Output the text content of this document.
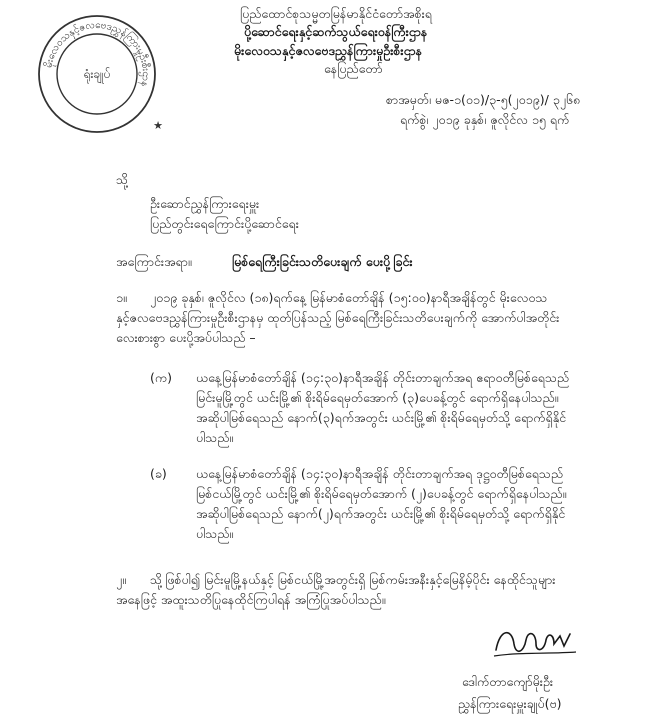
မိုးလေဝသနှင့်ဇလဗေဒညွှန်ကြားမှုဦးစီးဌာန
ရုံးချုပ်
★
ပြည်ထောင်စုသမ္မတမြန်မာနိုင်ငံတော်အစိုးရ
ပို့ဆောင်ရေးနှင့်ဆက်သွယ်ရေးဝန်ကြီးဌာန
မိုးလေဝသနှင့်ဇလဗေဒညွှန်ကြားမှုဦးစီးဌာန
နေပြည်တော်
စာအမှတ်၊ မဇ-၁(၀၁)/၃-၅(၂၀၁၉)/ ၃၂၆၈
ရက်စွဲ၊ ၂၀၁၉ ခုနှစ်၊ ဇူလိုင်လ ၁၅ ရက်
သို့
ဦးဆောင်ညွှန်ကြားရေးမှူး
ပြည်တွင်းရေကြောင်းပို့ဆောင်ရေး
အကြောင်းအရာ။	မြစ်ရေကြီးခြင်းသတိပေးချက် ပေးပို့ခြင်း
၁။ ၂၀၁၉ ခုနှစ်၊ ဇူလိုင်လ (၁၈)ရက်နေ့ မြန်မာစံတော်ချိန် (၁၅:၀၀)နာရီအချိန်တွင် မိုးလေဝသ
နှင့်ဇလဗေဒညွှန်ကြားမှုဦးစီးဌာနမှ ထုတ်ပြန်သည့် မြစ်ရေကြီးခြင်းသတိပေးချက်ကို အောက်ပါအတိုင်း
လေးစားစွာ ပေးပို့အပ်ပါသည် –
(က) ယနေ့မြန်မာစံတော်ချိန် (၁၄:၃၀)နာရီအချိန် တိုင်းတာချက်အရ ဧရာဝတီမြစ်ရေသည်
မြင်းမူမြို့တွင် ယင်းမြို့၏ စိုးရိမ်ရေမှတ်အောက် (၃)ပေခန့်တွင် ရောက်ရှိနေပါသည်။
အဆိုပါမြစ်ရေသည် နောက်(၃)ရက်အတွင်း ယင်းမြို့၏ စိုးရိမ်ရေမှတ်သို့ ရောက်ရှိနိုင်
ပါသည်။
(ခ) ယနေ့မြန်မာစံတော်ချိန် (၁၄:၃၀)နာရီအချိန် တိုင်းတာချက်အရ ဒုဋ္ဌဝတီမြစ်ရေသည်
မြစ်ငယ်မြို့တွင် ယင်းမြို့၏ စိုးရိမ်ရေမှတ်အောက် (၂)ပေခန့်တွင် ရောက်ရှိနေပါသည်။
အဆိုပါမြစ်ရေသည် နောက်(၂)ရက်အတွင်း ယင်းမြို့၏ စိုးရိမ်ရေမှတ်သို့ ရောက်ရှိနိုင်
ပါသည်။
၂။ သို့ဖြစ်ပါ၍ မြင်းမူမြို့နယ်နှင့် မြစ်ငယ်မြို့အတွင်းရှိ မြစ်ကမ်းအနီးနှင့်မြေနိမ့်ပိုင်း နေထိုင်သူများ
အနေဖြင့် အထူးသတိပြုနေထိုင်ကြပါရန် အကြံပြုအပ်ပါသည်။
ဒေါက်တာကျော်မိုးဦး
ညွှန်ကြားရေးမှူးချုပ်(ဗ)
